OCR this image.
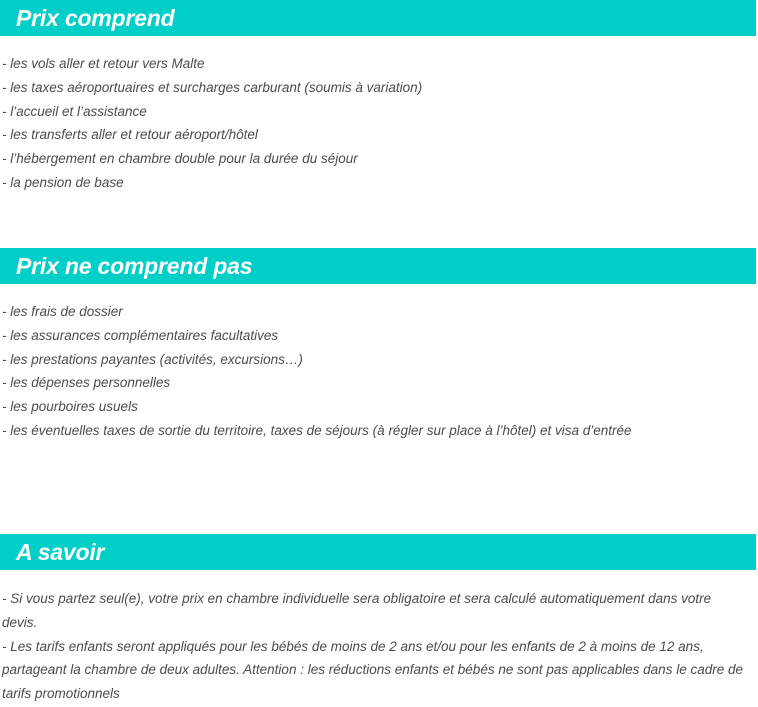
Prix comprend
- les vols aller et retour vers Malte
- les taxes aéroportuaires et surcharges carburant (soumis à variation)
- l’accueil et l’assistance
- les transferts aller et retour aéroport/hôtel
- l’hébergement en chambre double pour la durée du séjour
- la pension de base
Prix ne comprend pas
- les frais de dossier
- les assurances complémentaires facultatives
- les prestations payantes (activités, excursions…)
- les dépenses personnelles
- les pourboires usuels
- les éventuelles taxes de sortie du territoire, taxes de séjours (à régler sur place à l’hôtel) et visa d’entrée
A savoir
- Si vous partez seul(e), votre prix en chambre individuelle sera obligatoire et sera calculé automatiquement dans votre devis.
- Les tarifs enfants seront appliqués pour les bébés de moins de 2 ans et/ou pour les enfants de 2 à moins de 12 ans, partageant la chambre de deux adultes. Attention : les réductions enfants et bébés ne sont pas applicables dans le cadre de tarifs promotionnels
